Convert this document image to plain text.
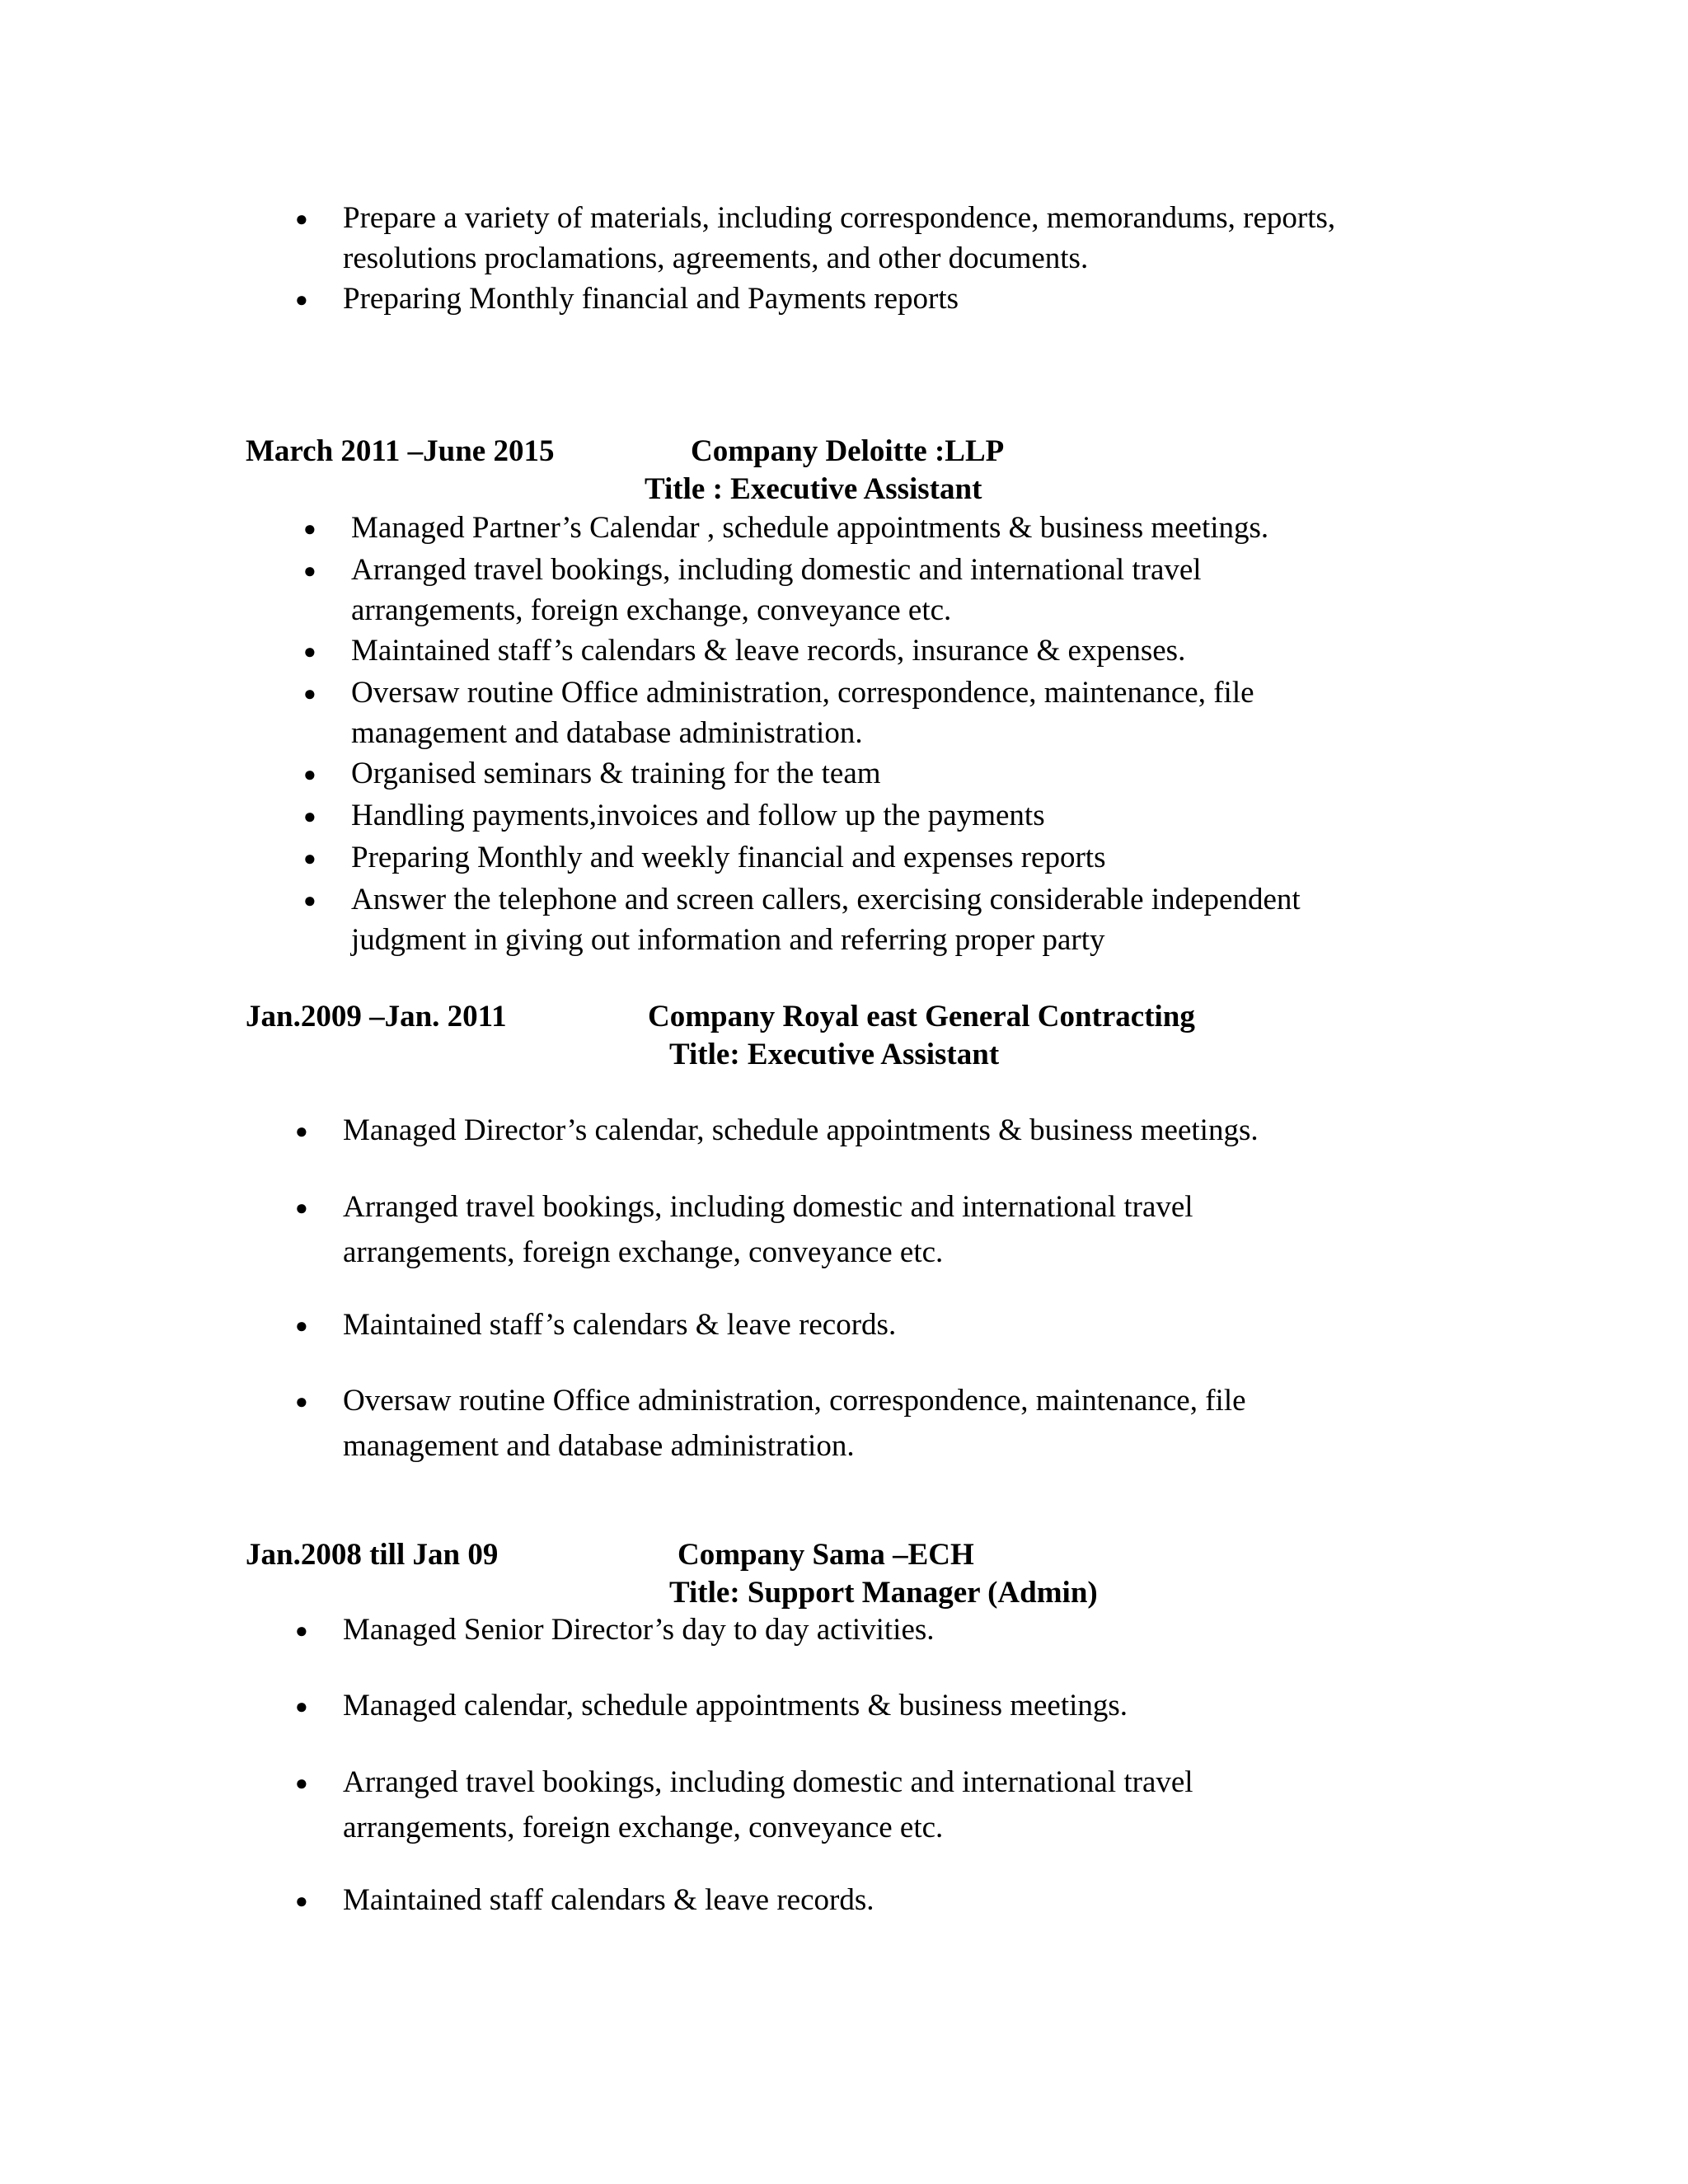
● Prepare a variety of materials, including correspondence, memorandums, reports,
resolutions proclamations, agreements, and other documents.
● Preparing Monthly financial and Payments reports
March 2011 –June 2015	Company Deloitte :LLP
Title : Executive Assistant
● Managed Partner’s Calendar , schedule appointments & business meetings.
● Arranged travel bookings, including domestic and international travel
arrangements, foreign exchange, conveyance etc.
● Maintained staff’s calendars & leave records, insurance & expenses.
● Oversaw routine Office administration, correspondence, maintenance, file
management and database administration.
● Organised seminars & training for the team
● Handling payments,invoices and follow up the payments
● Preparing Monthly and weekly financial and expenses reports
● Answer the telephone and screen callers, exercising considerable independent
judgment in giving out information and referring proper party
Jan.2009 –Jan. 2011	Company Royal east General Contracting
Title: Executive Assistant
● Managed Director’s calendar, schedule appointments & business meetings.
● Arranged travel bookings, including domestic and international travel
arrangements, foreign exchange, conveyance etc.
● Maintained staff’s calendars & leave records.
● Oversaw routine Office administration, correspondence, maintenance, file
management and database administration.
Jan.2008 till Jan 09	Company Sama –ECH
Title: Support Manager (Admin)
● Managed Senior Director’s day to day activities.
● Managed calendar, schedule appointments & business meetings.
● Arranged travel bookings, including domestic and international travel
arrangements, foreign exchange, conveyance etc.
● Maintained staff calendars & leave records.
